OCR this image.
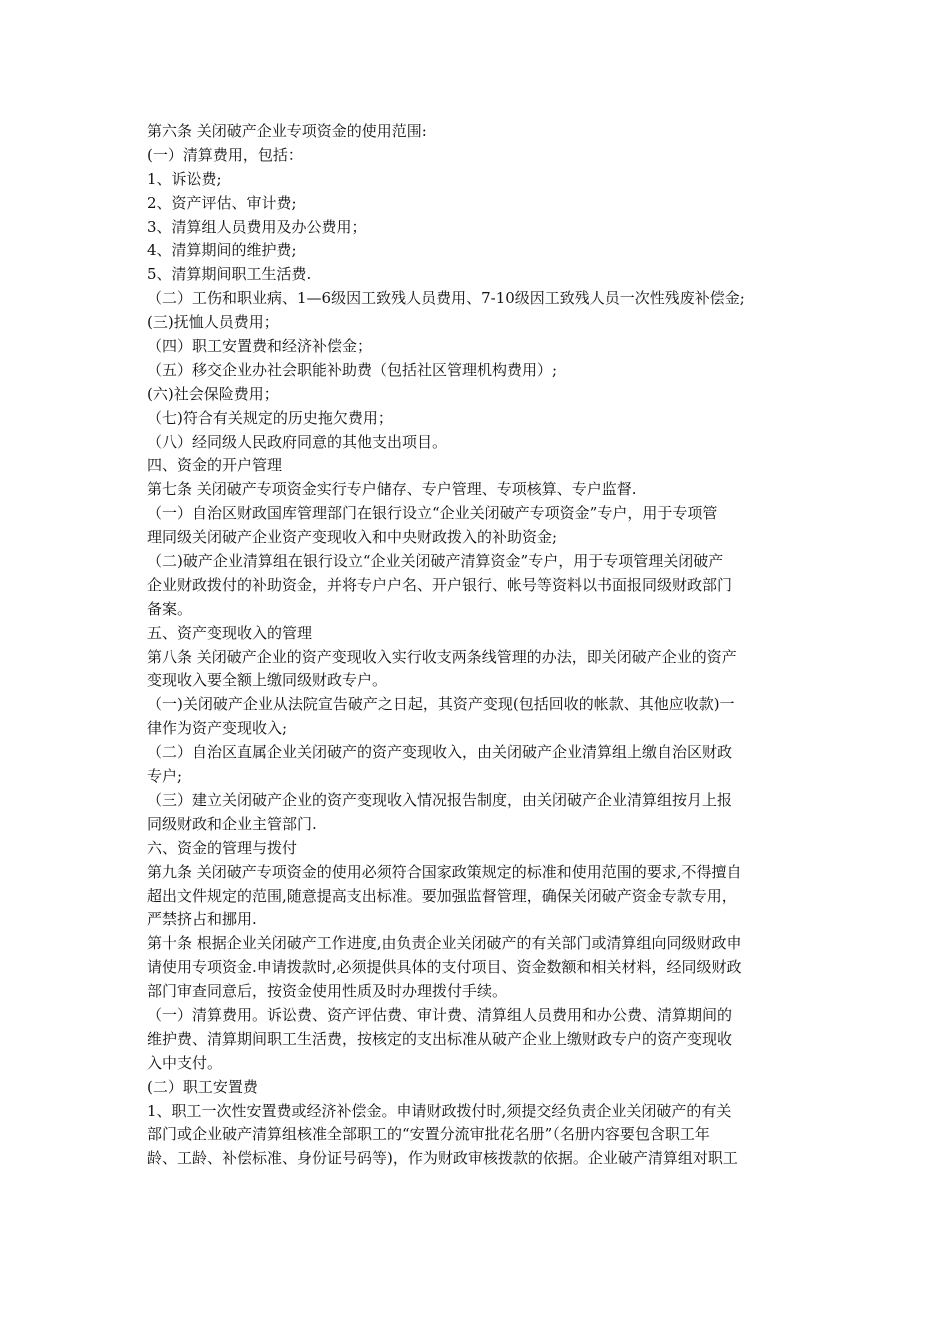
第六条 关闭破产企业专项资金的使用范围:
(一）清算费用，包括：
1、诉讼费;
2、资产评估、审计费;
3、清算组人员费用及办公费用；
4、清算期间的维护费;
5、清算期间职工生活费.
（二）工伤和职业病、1—6级因工致残人员费用、7-10级因工致残人员一次性残废补偿金;
(三)抚恤人员费用；
（四）职工安置费和经济补偿金；
（五）移交企业办社会职能补助费（包括社区管理机构费用）;
(六)社会保险费用；
（七)符合有关规定的历史拖欠费用；
（八）经同级人民政府同意的其他支出项目。
四、资金的开户管理
第七条 关闭破产专项资金实行专户储存、专户管理、专项核算、专户监督.
（一）自治区财政国库管理部门在银行设立“企业关闭破产专项资金”专户，用于专项管
理同级关闭破产企业资产变现收入和中央财政拨入的补助资金;
（二)破产企业清算组在银行设立“企业关闭破产清算资金”专户，用于专项管理关闭破产
企业财政拨付的补助资金，并将专户户名、开户银行、帐号等资料以书面报同级财政部门
备案。
五、资产变现收入的管理
第八条 关闭破产企业的资产变现收入实行收支两条线管理的办法，即关闭破产企业的资产
变现收入要全额上缴同级财政专户。
（一)关闭破产企业从法院宣告破产之日起，其资产变现(包括回收的帐款、其他应收款)一
律作为资产变现收入;
（二）自治区直属企业关闭破产的资产变现收入，由关闭破产企业清算组上缴自治区财政
专户;
（三）建立关闭破产企业的资产变现收入情况报告制度，由关闭破产企业清算组按月上报
同级财政和企业主管部门.
六、资金的管理与拨付
第九条 关闭破产专项资金的使用必须符合国家政策规定的标准和使用范围的要求,不得擅自
超出文件规定的范围,随意提高支出标准。要加强监督管理，确保关闭破产资金专款专用，
严禁挤占和挪用.
第十条 根据企业关闭破产工作进度,由负责企业关闭破产的有关部门或清算组向同级财政申
请使用专项资金.申请拨款时,必须提供具体的支付项目、资金数额和相关材料，经同级财政
部门审查同意后，按资金使用性质及时办理拨付手续。
（一）清算费用。诉讼费、资产评估费、审计费、清算组人员费用和办公费、清算期间的
维护费、清算期间职工生活费，按核定的支出标准从破产企业上缴财政专户的资产变现收
入中支付。
(二）职工安置费
1、职工一次性安置费或经济补偿金。申请财政拨付时,须提交经负责企业关闭破产的有关
部门或企业破产清算组核准全部职工的“安置分流审批花名册”（名册内容要包含职工年
龄、工龄、补偿标准、身份证号码等)，作为财政审核拨款的依据。企业破产清算组对职工
